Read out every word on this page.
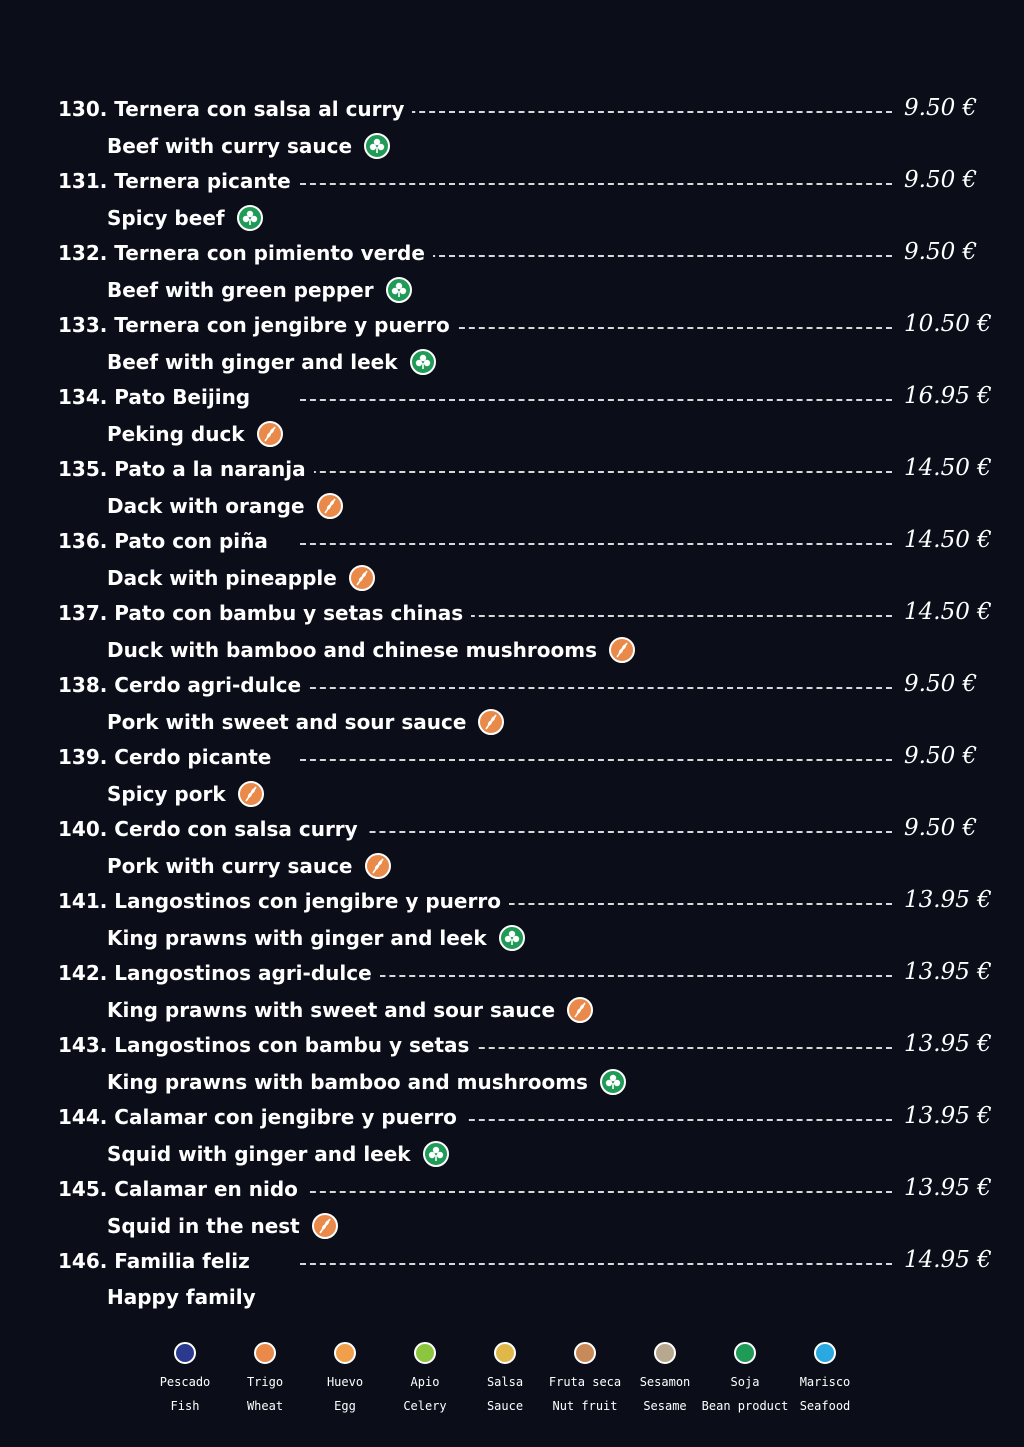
130. Ternera con salsa al curry	9.50 €
Beef with curry sauce
131. Ternera picante	9.50 €
Spicy beef
132. Ternera con pimiento verde	9.50 €
Beef with green pepper
133. Ternera con jengibre y puerro	10.50 €
Beef with ginger and leek
134. Pato Beijing	16.95 €
Peking duck
135. Pato a la naranja	14.50 €
Dack with orange
136. Pato con piña	14.50 €
Dack with pineapple
137. Pato con bambu y setas chinas	14.50 €
Duck with bamboo and chinese mushrooms
138. Cerdo agri-dulce	9.50 €
Pork with sweet and sour sauce
139. Cerdo picante	9.50 €
Spicy pork
140. Cerdo con salsa curry	9.50 €
Pork with curry sauce
141. Langostinos con jengibre y puerro	13.95 €
King prawns with ginger and leek
142. Langostinos agri-dulce	13.95 €
King prawns with sweet and sour sauce
143. Langostinos con bambu y setas	13.95 €
King prawns with bamboo and mushrooms
144. Calamar con jengibre y puerro	13.95 €
Squid with ginger and leek
145. Calamar en nido	13.95 €
Squid in the nest
146. Familia feliz	14.95 €
Happy family
Pescado
Fish
Trigo
Wheat
Huevo
Egg
Apio
Celery
Salsa
Sauce
Fruta seca
Nut fruit
Sesamon
Sesame
Soja
Bean product
Marisco
Seafood
